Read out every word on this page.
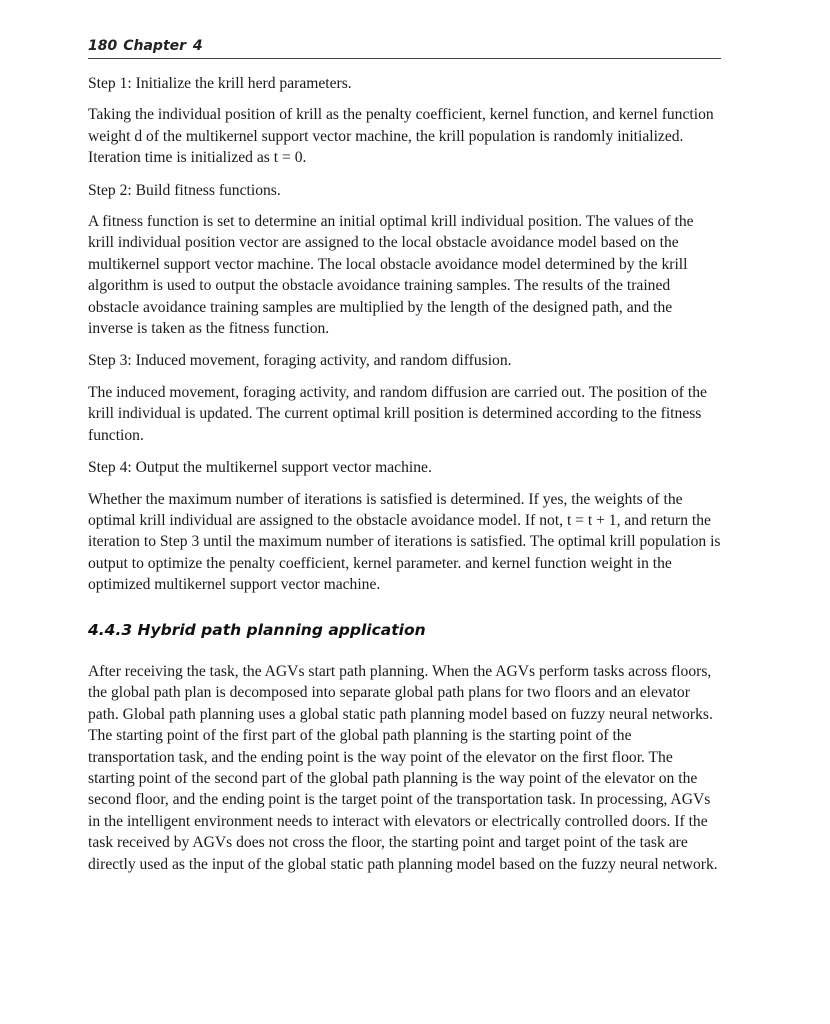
180 Chapter 4

Step 1: Initialize the krill herd parameters.

Taking the individual position of krill as the penalty coefficient, kernel function, and kernel function weight d of the multikernel support vector machine, the krill population is randomly initialized. Iteration time is initialized as t = 0.

Step 2: Build fitness functions.

A fitness function is set to determine an initial optimal krill individual position. The values of the krill individual position vector are assigned to the local obstacle avoidance model based on the multikernel support vector machine. The local obstacle avoidance model determined by the krill algorithm is used to output the obstacle avoidance training samples. The results of the trained obstacle avoidance training samples are multiplied by the length of the designed path, and the inverse is taken as the fitness function.

Step 3: Induced movement, foraging activity, and random diffusion.

The induced movement, foraging activity, and random diffusion are carried out. The position of the krill individual is updated. The current optimal krill position is determined according to the fitness function.

Step 4: Output the multikernel support vector machine.

Whether the maximum number of iterations is satisfied is determined. If yes, the weights of the optimal krill individual are assigned to the obstacle avoidance model. If not, t = t + 1, and return the iteration to Step 3 until the maximum number of iterations is satisfied. The optimal krill population is output to optimize the penalty coefficient, kernel parameter. and kernel function weight in the optimized multikernel support vector machine.

4.4.3 Hybrid path planning application

After receiving the task, the AGVs start path planning. When the AGVs perform tasks across floors, the global path plan is decomposed into separate global path plans for two floors and an elevator path. Global path planning uses a global static path planning model based on fuzzy neural networks. The starting point of the first part of the global path planning is the starting point of the transportation task, and the ending point is the way point of the elevator on the first floor. The starting point of the second part of the global path planning is the way point of the elevator on the second floor, and the ending point is the target point of the transportation task. In processing, AGVs in the intelligent environment needs to interact with elevators or electrically controlled doors. If the task received by AGVs does not cross the floor, the starting point and target point of the task are directly used as the input of the global static path planning model based on the fuzzy neural network.
